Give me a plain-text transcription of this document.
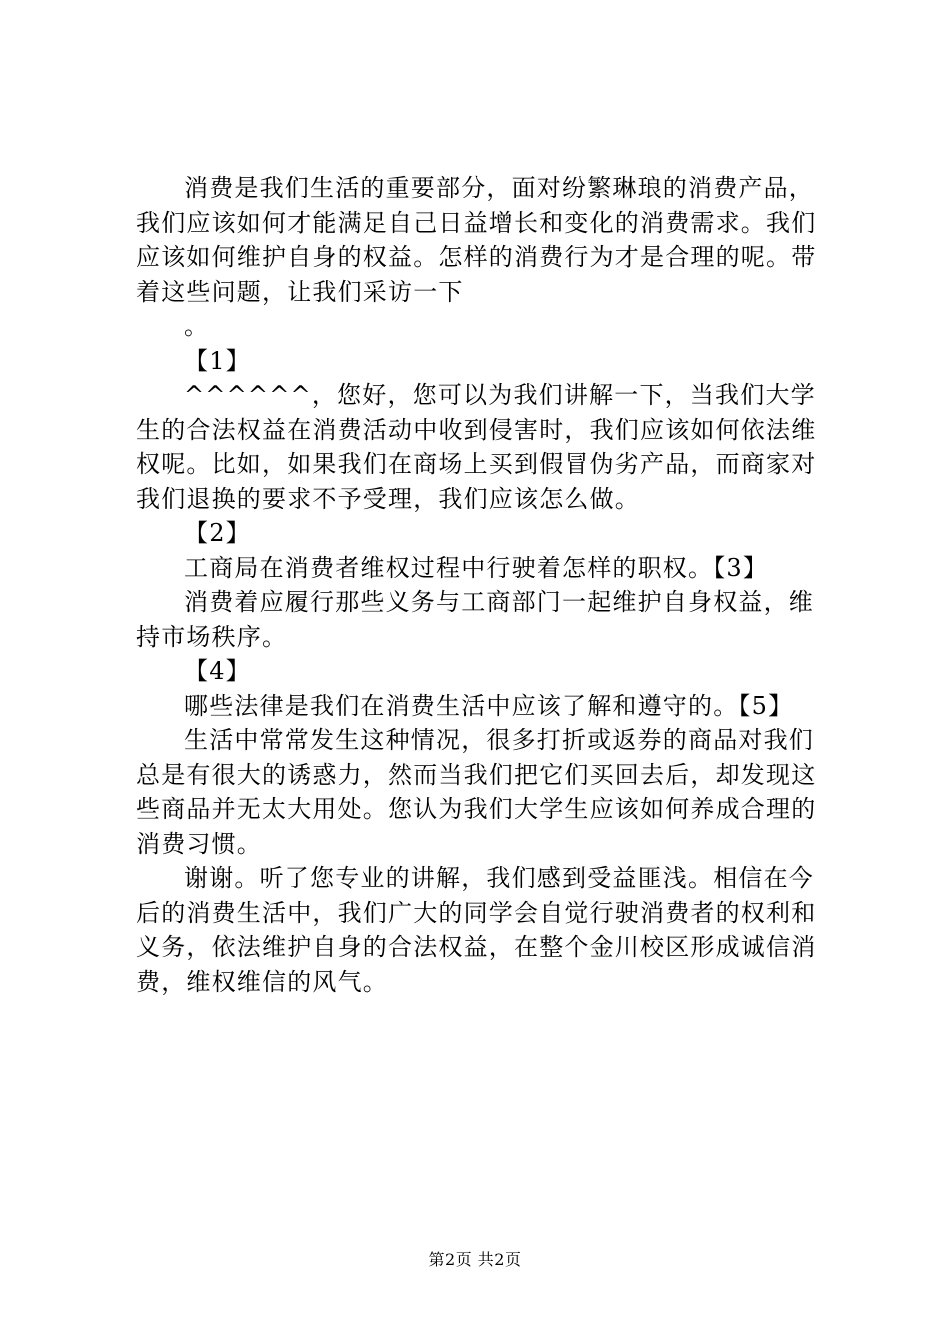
消费是我们生活的重要部分，面对纷繁琳琅的消费产品，我们应该如何才能满足自己日益增长和变化的消费需求。我们应该如何维护自身的权益。怎样的消费行为才是合理的呢。带着这些问题，让我们采访一下

。

【1】

^^^^^^，您好，您可以为我们讲解一下，当我们大学生的合法权益在消费活动中收到侵害时，我们应该如何依法维权呢。比如，如果我们在商场上买到假冒伪劣产品，而商家对我们退换的要求不予受理，我们应该怎么做。

【2】

工商局在消费者维权过程中行驶着怎样的职权。【3】

消费着应履行那些义务与工商部门一起维护自身权益，维持市场秩序。

【4】

哪些法律是我们在消费生活中应该了解和遵守的。【5】

生活中常常发生这种情况，很多打折或返券的商品对我们总是有很大的诱惑力，然而当我们把它们买回去后，却发现这些商品并无太大用处。您认为我们大学生应该如何养成合理的消费习惯。

谢谢。听了您专业的讲解，我们感到受益匪浅。相信在今后的消费生活中，我们广大的同学会自觉行驶消费者的权利和义务，依法维护自身的合法权益，在整个金川校区形成诚信消费，维权维信的风气。

第2页 共2页
